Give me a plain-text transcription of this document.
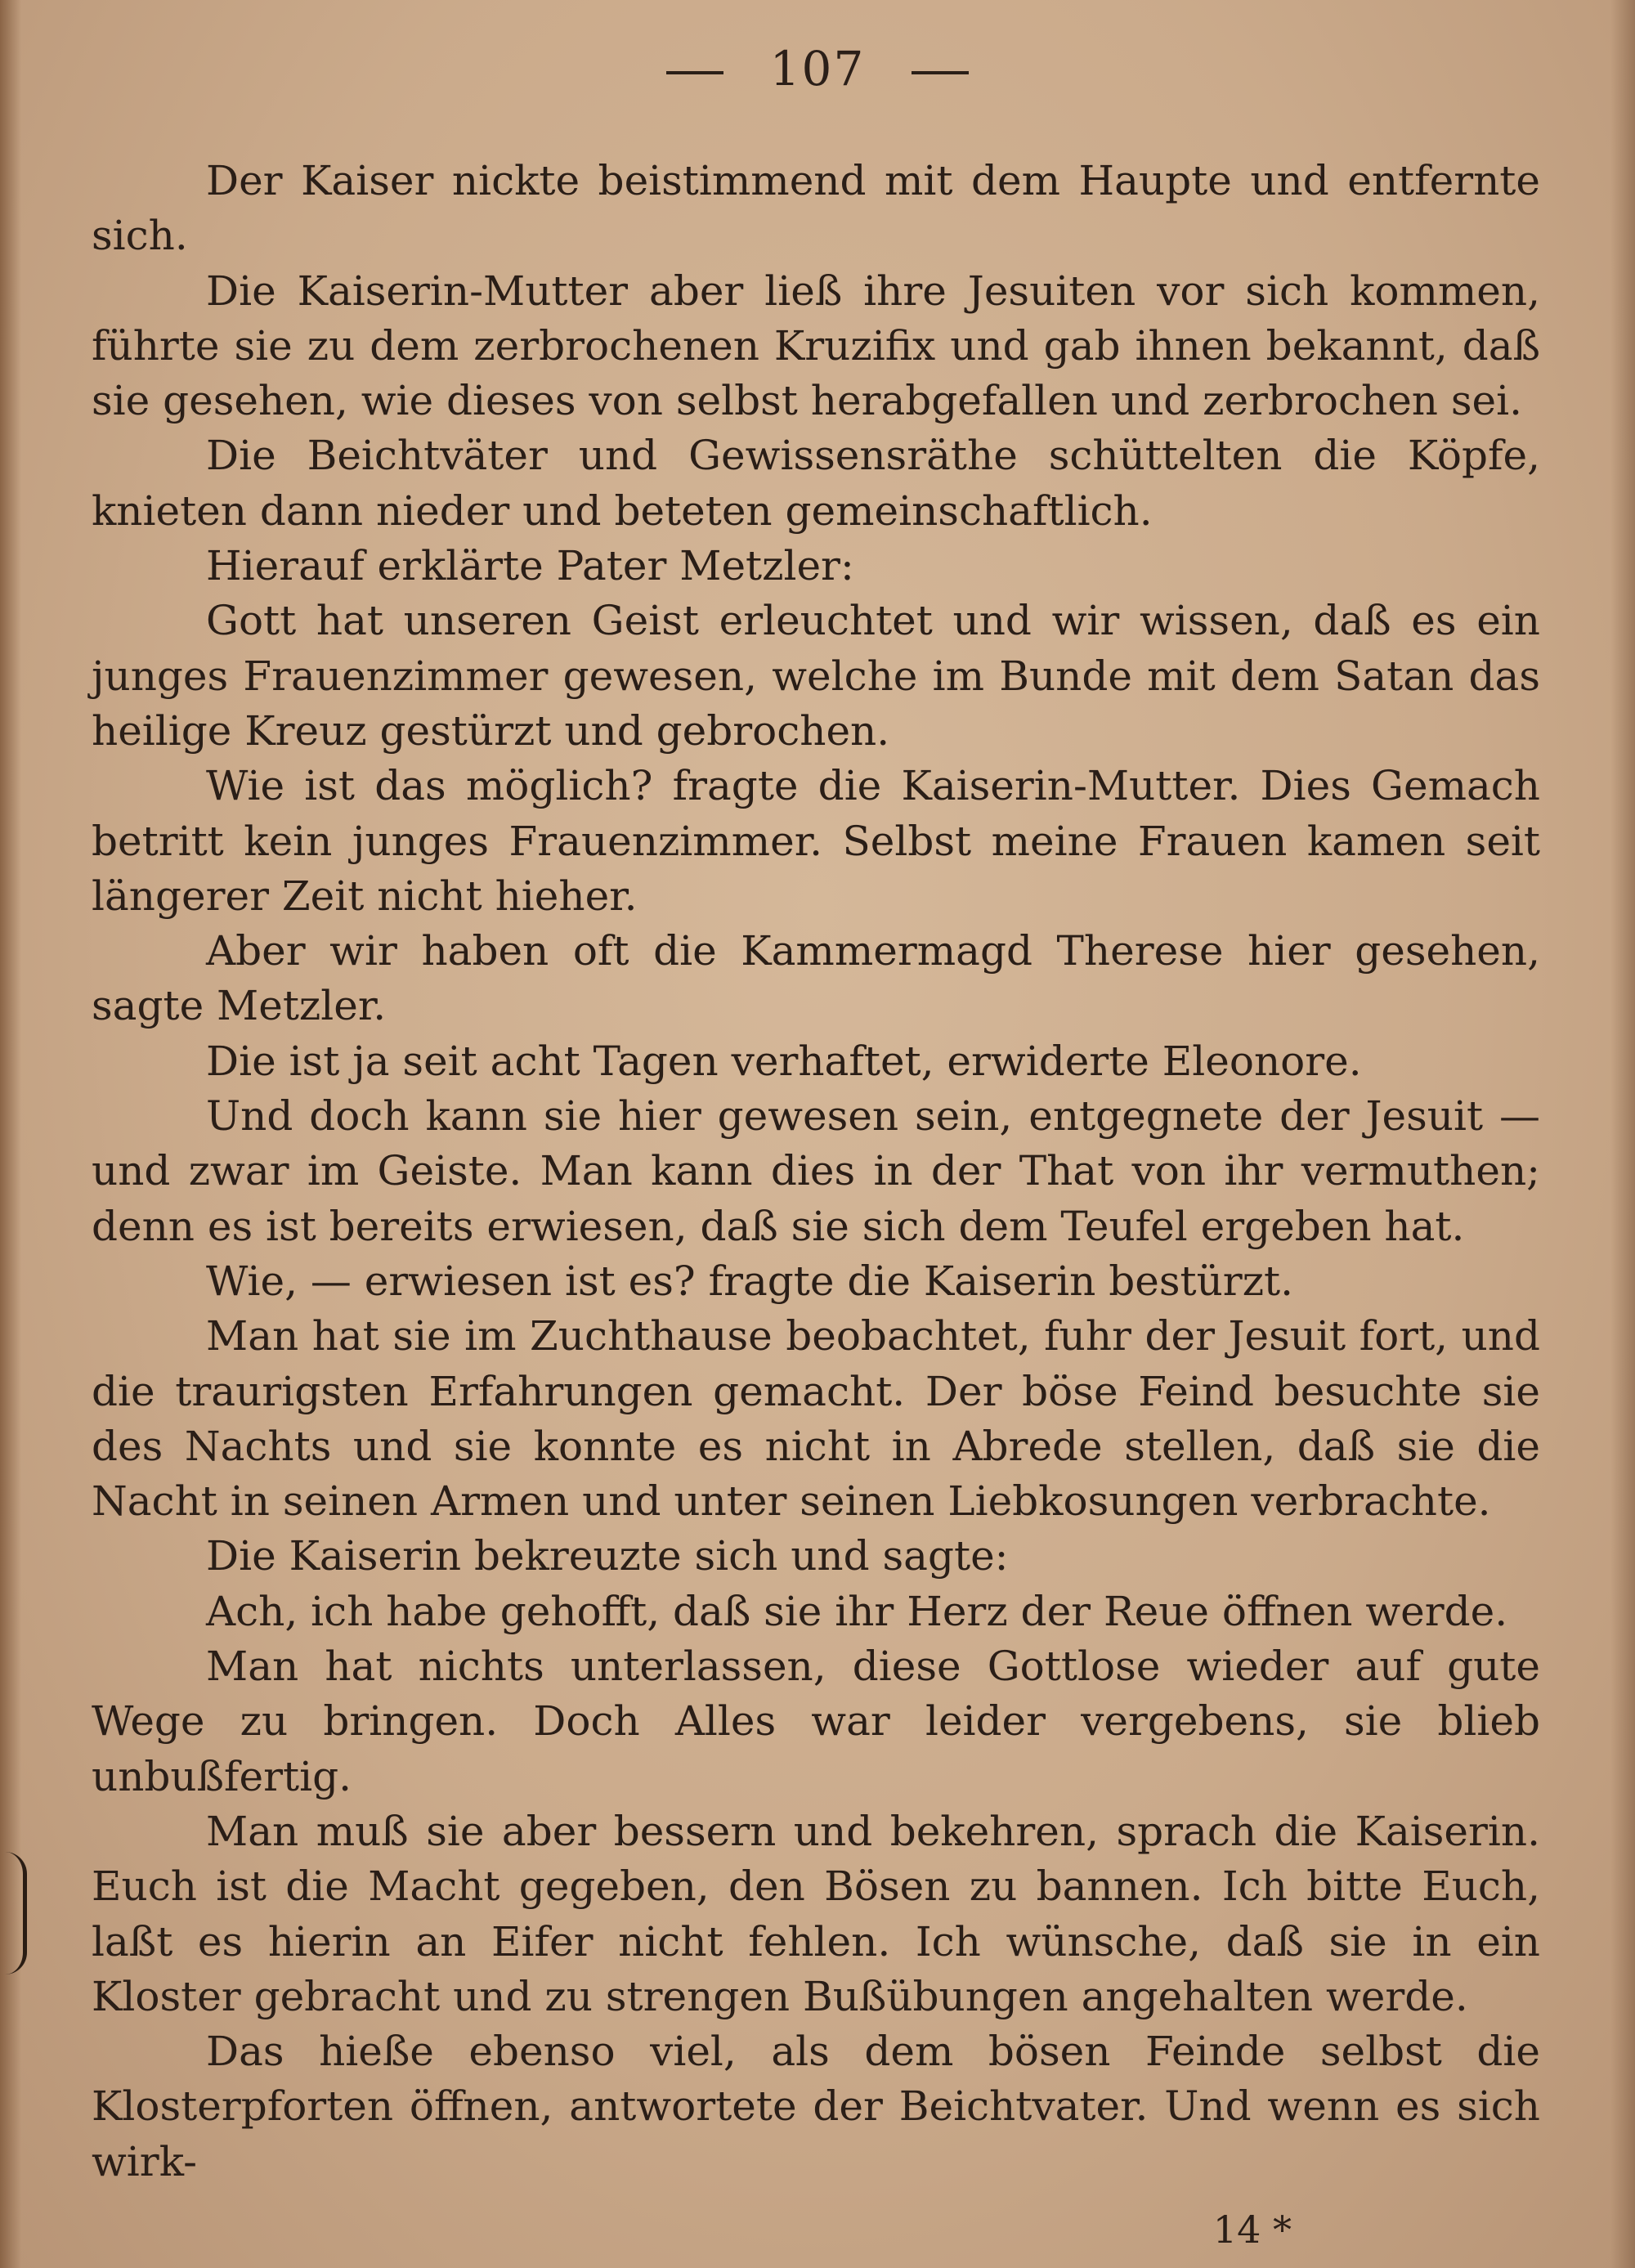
107

Der Kaiser nickte beistimmend mit dem Haupte und entfernte sich.

Die Kaiserin-Mutter aber ließ ihre Jesuiten vor sich kommen, führte sie zu dem zerbrochenen Kruzifix und gab ihnen bekannt, daß sie gesehen, wie dieses von selbst herabgefallen und zerbrochen sei.

Die Beichtväter und Gewissensräthe schüttelten die Köpfe, knieten dann nieder und beteten gemeinschaftlich.

Hierauf erklärte Pater Metzler:

Gott hat unseren Geist erleuchtet und wir wissen, daß es ein junges Frauenzimmer gewesen, welche im Bunde mit dem Satan das heilige Kreuz gestürzt und gebrochen.

Wie ist das möglich? fragte die Kaiserin-Mutter. Dies Gemach betritt kein junges Frauenzimmer. Selbst meine Frauen kamen seit längerer Zeit nicht hieher.

Aber wir haben oft die Kammermagd Therese hier gesehen, sagte Metzler.

Die ist ja seit acht Tagen verhaftet, erwiderte Eleonore.

Und doch kann sie hier gewesen sein, entgegnete der Jesuit — und zwar im Geiste. Man kann dies in der That von ihr vermuthen; denn es ist bereits erwiesen, daß sie sich dem Teufel ergeben hat.

Wie, — erwiesen ist es? fragte die Kaiserin bestürzt.

Man hat sie im Zuchthause beobachtet, fuhr der Jesuit fort, und die traurigsten Erfahrungen gemacht. Der böse Feind besuchte sie des Nachts und sie konnte es nicht in Abrede stellen, daß sie die Nacht in seinen Armen und unter seinen Liebkosungen verbrachte.

Die Kaiserin bekreuzte sich und sagte:

Ach, ich habe gehofft, daß sie ihr Herz der Reue öffnen werde.

Man hat nichts unterlassen, diese Gottlose wieder auf gute Wege zu bringen. Doch Alles war leider vergebens, sie blieb unbußfertig.

Man muß sie aber bessern und bekehren, sprach die Kaiserin. Euch ist die Macht gegeben, den Bösen zu bannen. Ich bitte Euch, laßt es hierin an Eifer nicht fehlen. Ich wünsche, daß sie in ein Kloster gebracht und zu strengen Bußübungen angehalten werde.

Das hieße ebenso viel, als dem bösen Feinde selbst die Klosterpforten öffnen, antwortete der Beichtvater. Und wenn es sich wirk-

14 *
